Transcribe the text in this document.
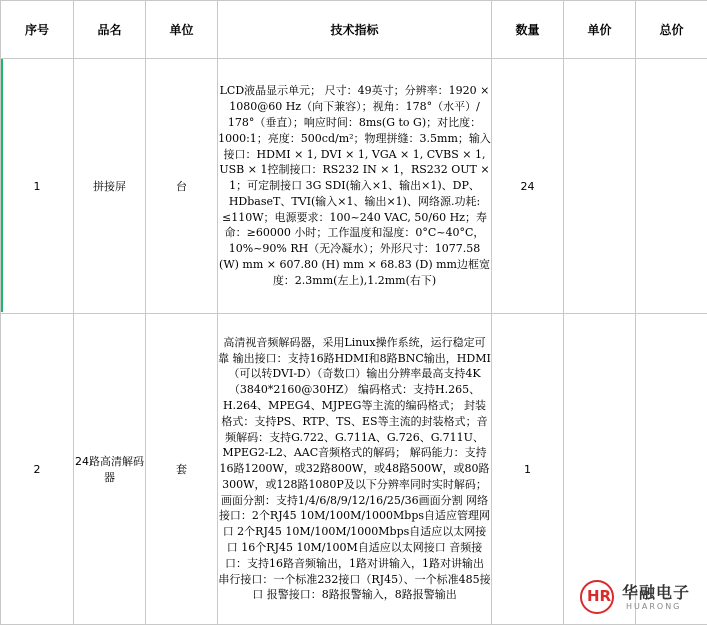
序号	品名	单位	技术指标	数量	单价	总价
1	拼接屏	台	LCD液晶显示单元； 尺寸：49英寸；分辨率：1920 × 1080@60 Hz（向下兼容）；视角：178°（水平）/ 178°（垂直）；响应时间：8ms(G to G)；对比度：1000:1；亮度：500cd/m²；物理拼缝：3.5mm；输入接口：HDMI × 1, DVI × 1, VGA × 1, CVBS × 1, USB × 1控制接口：RS232 IN × 1，RS232 OUT × 1；可定制接口 3G SDI(输入×1、输出×1)、DP、HDbaseT、TVI(输入×1、输出×1)、网络源.功耗: ≤110W；电源要求：100~240 VAC, 50/60 Hz；寿命：≥60000 小时；工作温度和湿度：0°C~40°C，10%~90% RH（无冷凝水）；外形尺寸：1077.58 (W) mm × 607.80 (H) mm × 68.83 (D) mm边框宽度：2.3mm(左上),1.2mm(右下)	24		
2	24路高清解码器	套	高清视音频解码器，采用Linux操作系统，运行稳定可靠 输出接口：支持16路HDMI和8路BNC输出，HDMI（可以转DVI-D）（奇数口）输出分辨率最高支持4K（3840*2160@30HZ） 编码格式：支持H.265、H.264、MPEG4、MJPEG等主流的编码格式； 封装格式：支持PS、RTP、TS、ES等主流的封装格式；音频解码：支持G.722、G.711A、G.726、G.711U、MPEG2-L2、AAC音频格式的解码； 解码能力：支持16路1200W，或32路800W，或48路500W，或80路300W，或128路1080P及以下分辨率同时实时解码；画面分割：支持1/4/6/8/9/12/16/25/36画面分割 网络接口：2个RJ45 10M/100M/1000Mbps自适应管理网口 2个RJ45 10M/100M/1000Mbps自适应以太网接口 16个RJ45 10M/100M自适应以太网接口 音频接口：支持16路音频输出，1路对讲输入，1路对讲输出 串行接口：一个标准232接口（RJ45）、一个标准485接口 报警接口：8路报警输入，8路报警输出	1		
HR 华融电子
HUARONG
